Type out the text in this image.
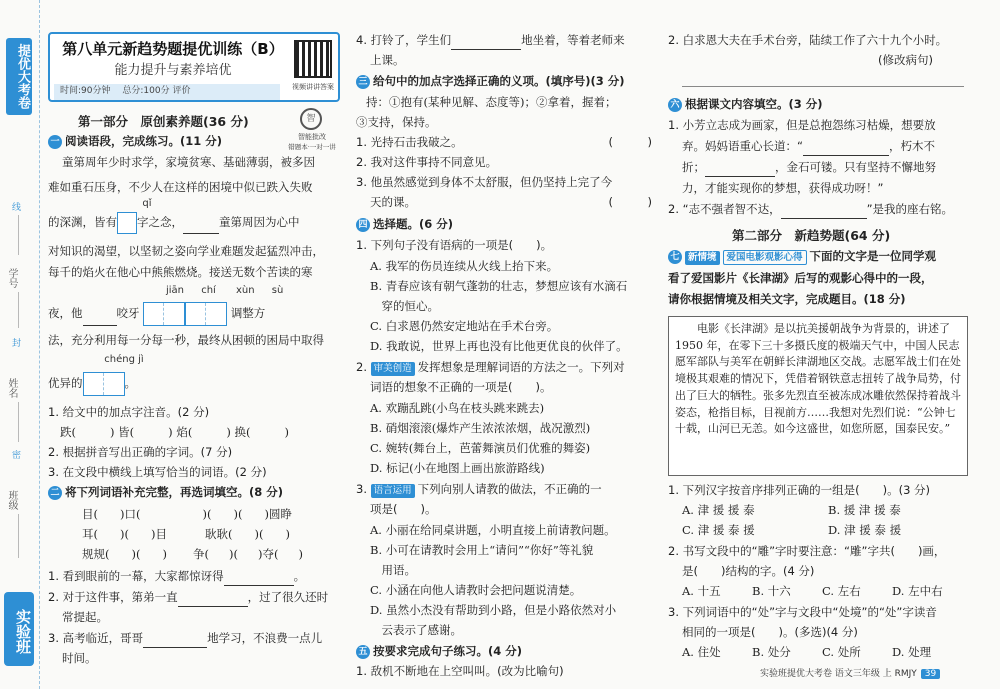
提优大考卷
线
学号
封
姓名
密
班级
实验班
第八单元新趋势题提优训练（B）
能力提升与素养培优
时间:90分钟　 总分:100分 评价	视频讲讲答案
智
智能批改
错题本·一对一讲
第一部分　原创素养题(36 分)
一 阅读语段，完成练习。(11 分)
童第周年少时求学，家境贫寒、基础薄弱，被多因
难如重石压身，不少人在这样的困境中似已跌入失败
qǐ
的深渊，皆有 字之念，	童第周因为心中
对知识的渴望，以坚韧之姿向学业难题发起猛烈冲击，
每千的焰火在他心中熊熊燃烧。接送无数个苦读的寒
jiān chí	xùn sù
夜，他	咬牙	调整方
法，充分利用每一分每一秒，最终从困顿的困局中取得
chéng jì
优异的	。
1. 给文中的加点字注音。(2 分)
跌(	) 皆(	) 焰(	) 换(	)
2. 根据拼音写出正确的字词。(7 分)
3. 在文段中横线上填写恰当的词语。(2 分)
二 将下列词语补充完整，再选词填空。(8 分)
目( )口(	)( )( )圆睁
耳( )( )目	耿耿( )( )
规规( )( ) 争( )( )夺( )
1. 看到眼前的一幕，大家都惊讶得	。
2. 对于这件事，第弟一直	，过了很久还时
常提起。
3. 高考临近，哥哥	地学习，不浪费一点儿
时间。
4. 打铃了，学生们	地坐着，等着老师来
上课。
三 给句中的加点字选择正确的义项。(填序号)(3 分)
持：①抱有(某种见解、态度等)；②拿着，握着；
③支持，保持。
1. 光持石击我破之。	(　　　)
2. 我对这件事持不同意见。
3. 他虽然感觉到身体不太舒服，但仍坚持上完了今
天的课。	(　　　)
四 选择题。(6 分)
1. 下列句子没有语病的一项是(　　)。
A. 我军的伤员连续从火线上抬下来。
B. 青春应该有朝气蓬勃的壮志，梦想应该有水滴石
　穿的恒心。
C. 白求恩仍然安定地站在手术台旁。
D. 我敢说，世界上再也没有比他更优良的伙伴了。
2. 审美创造 发挥想象是理解词语的方法之一。下列对
词语的想象不正确的一项是(　　)。
A. 欢蹦乱跳(小鸟在枝头跳来跳去)
B. 硝烟滚滚(爆炸产生浓浓浓烟，战况激烈)
C. 婉转(舞台上，芭蕾舞演员们优雅的舞姿)
D. 标记(小在地图上画出旅游路线)
3. 语言运用 下列向别人请教的做法，不正确的一
项是(　　)。
A. 小丽在给同桌讲题，小明直接上前请教问题。
B. 小可在请教时会用上“请问”“你好”等礼貌
　用语。
C. 小涵在向他人请教时会把问题说清楚。
D. 虽然小杰没有帮助到小路，但是小路依然对小
　云表示了感谢。
五 按要求完成句子练习。(4 分)
1. 敌机不断地在上空叫叫。(改为比喻句)
2. 白求恩大夫在手术台旁，陆续工作了六十九个小时。
(修改病句)
六 根据课文内容填空。(3 分)
1. 小芳立志成为画家，但是总抱怨练习枯燥，想要放
弃。妈妈语重心长道：“	，朽木不
折；	，金石可镂。只有坚持不懈地努
力，才能实现你的梦想，获得成功呀！”
2. “志不强者智不达，	”是我的座右铭。
第二部分　新趋势题(64 分)
七 新情境 爱国电影观影心得 下面的文字是一位同学观
看了爱国影片《长津湖》后写的观影心得中的一段，
请你根据情境及相关文字，完成题目。(18 分)
电影《长津湖》是以抗美援朝战争为背景的，讲述了1950 年，在零下三十多摄氏度的极端天气中，中国人民志愿军部队与美军在朝鲜长津湖地区交战。志愿军战士们在处境极其艰难的情况下，凭借着钢铁意志扭转了战争局势，付出了巨大的牺牲。张多先烈直至被冻成冰雕依然保持着战斗姿态，枪指目标，目视前方……我想对先烈们说：“公钟七十载，山河已无恙。如今这盛世，如您所愿，国泰民安。”
1. 下列汉字按音序排列正确的一组是(　　)。(3 分)
A. 津 援 援 泰	B. 援 津 援 泰
C. 津 援 泰 援	D. 津 援 泰 援
2. 书写文段中的“雕”字时要注意：“雕”字共(　　)画，
是(　　)结构的字。(4 分)
A. 十五	B. 十六	C. 左右	D. 左中右
3. 下列词语中的“处”字与文段中“处境”的“处”字读音
相同的一项是(　　)。(多选)(4 分)
A. 住处	B. 处分	C. 处所	D. 处理
实验班提优大考卷 语文三年级 上 RMJY 39
